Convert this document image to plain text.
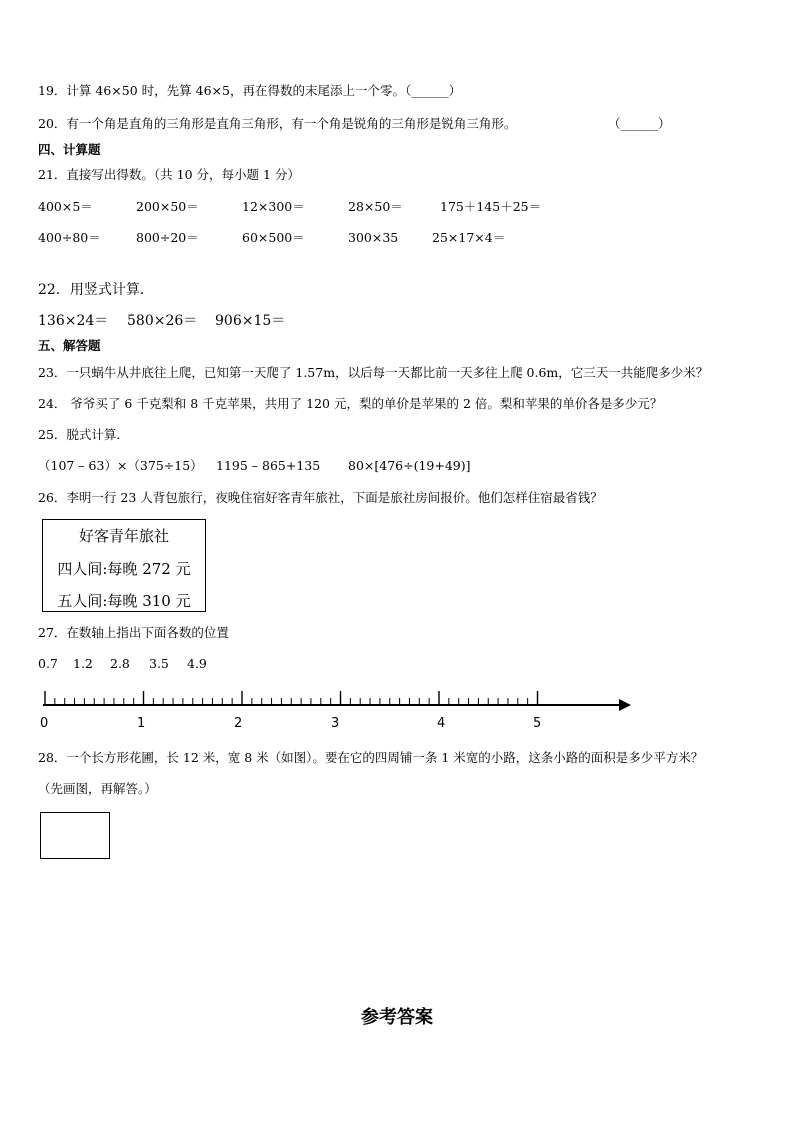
19．计算 46×50 时，先算 46×5，再在得数的末尾添上一个零。（______）
20．有一个角是直角的三角形是直角三角形，有一个角是锐角的三角形是锐角三角形。	（______）
四、计算题
21．直接写出得数。（共 10 分，每小题 1 分）
400×5＝	200×50＝	12×300＝	28×50＝	175＋145＋25＝
400÷80＝	800÷20＝	60×500＝	300×35	25×17×4＝
22．用竖式计算．
136×24＝ 580×26＝ 906×15＝
五、解答题
23．一只蜗牛从井底往上爬，已知第一天爬了 1.57m，以后每一天都比前一天多往上爬 0.6m，它三天一共能爬多少米？
24． 爷爷买了 6 千克梨和 8 千克苹果，共用了 120 元，梨的单价是苹果的 2 倍。梨和苹果的单价各是多少元？
25．脱式计算．
（107 – 63）×（375÷15） 1195 – 865+135 80×[476÷(19+49)]
26．李明一行 23 人背包旅行，夜晚住宿好客青年旅社，下面是旅社房间报价。他们怎样住宿最省钱？
好客青年旅社
四人间:每晚 272 元
五人间:每晚 310 元
27．在数轴上指出下面各数的位置
0.7 1.2 2.8 3.5 4.9
0	1	2	3	4	5
28．一个长方形花圃，长 12 米，宽 8 米（如图）。要在它的四周铺一条 1 米宽的小路，这条小路的面积是多少平方米？
（先画图，再解答。）
参考答案
